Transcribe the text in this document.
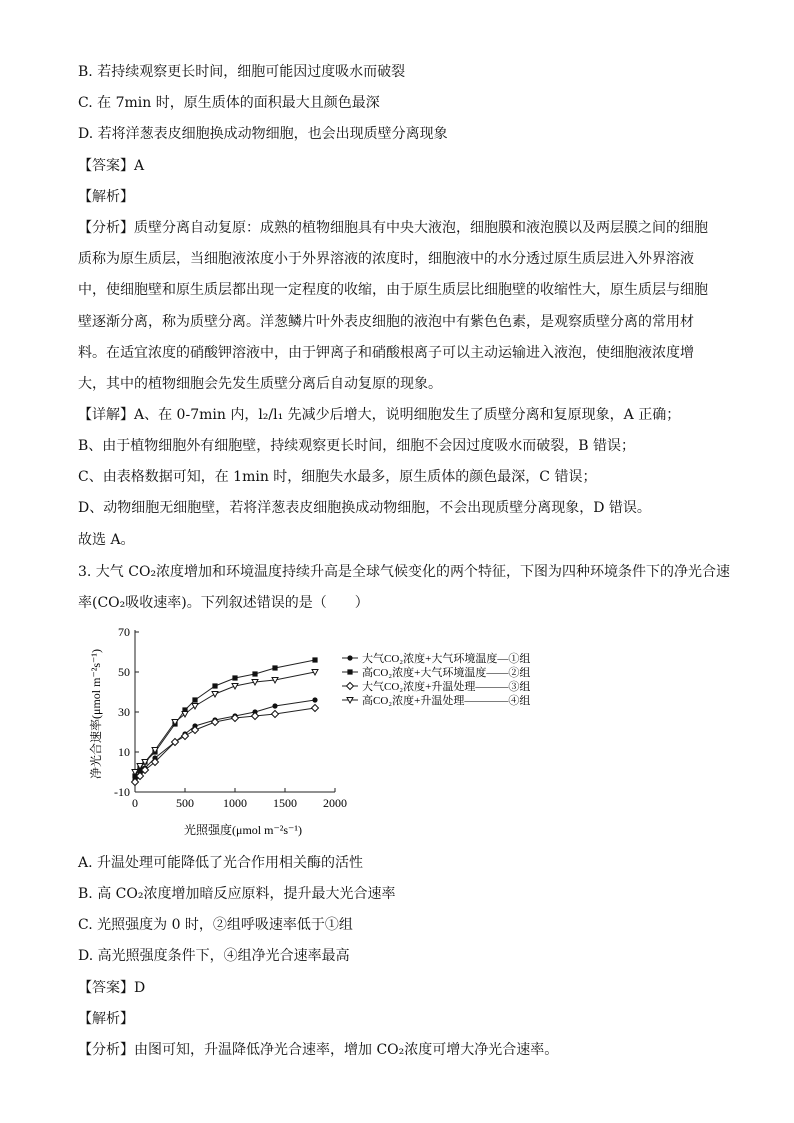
B. 若持续观察更长时间，细胞可能因过度吸水而破裂
C. 在 7min 时，原生质体的面积最大且颜色最深
D. 若将洋葱表皮细胞换成动物细胞，也会出现质壁分离现象
【答案】A
【解析】
【分析】质壁分离自动复原：成熟的植物细胞具有中央大液泡，细胞膜和液泡膜以及两层膜之间的细胞
质称为原生质层，当细胞液浓度小于外界溶液的浓度时，细胞液中的水分透过原生质层进入外界溶液
中，使细胞壁和原生质层都出现一定程度的收缩，由于原生质层比细胞壁的收缩性大，原生质层与细胞
壁逐渐分离，称为质壁分离。洋葱鳞片叶外表皮细胞的液泡中有紫色色素，是观察质壁分离的常用材
料。在适宜浓度的硝酸钾溶液中，由于钾离子和硝酸根离子可以主动运输进入液泡，使细胞液浓度增
大，其中的植物细胞会先发生质壁分离后自动复原的现象。
【详解】A、在 0-7min 内，l₂/l₁ 先减少后增大，说明细胞发生了质壁分离和复原现象，A 正确；
B、由于植物细胞外有细胞壁，持续观察更长时间，细胞不会因过度吸水而破裂，B 错误；
C、由表格数据可知，在 1min 时，细胞失水最多，原生质体的颜色最深，C 错误；
D、动物细胞无细胞壁，若将洋葱表皮细胞换成动物细胞，不会出现质壁分离现象，D 错误。
故选 A。
3. 大气 CO₂浓度增加和环境温度持续升高是全球气候变化的两个特征，下图为四种环境条件下的净光合速
率(CO₂吸收速率)。下列叙述错误的是（　　）
0	500 1000 1500 2000
-10
10
30
50
70
大气CO₂浓度+大气环境温度—①组
高CO₂浓度+大气环境温度——②组
大气CO₂浓度+升温处理———③组
高CO₂浓度+升温处理————④组
光照强度(μmol m⁻²s⁻¹)
净光合速率(μmol m⁻²s⁻¹)
A. 升温处理可能降低了光合作用相关酶的活性
B. 高 CO₂浓度增加暗反应原料，提升最大光合速率
C. 光照强度为 0 时，②组呼吸速率低于①组
D. 高光照强度条件下，④组净光合速率最高
【答案】D
【解析】
【分析】由图可知，升温降低净光合速率，增加 CO₂浓度可增大净光合速率。
